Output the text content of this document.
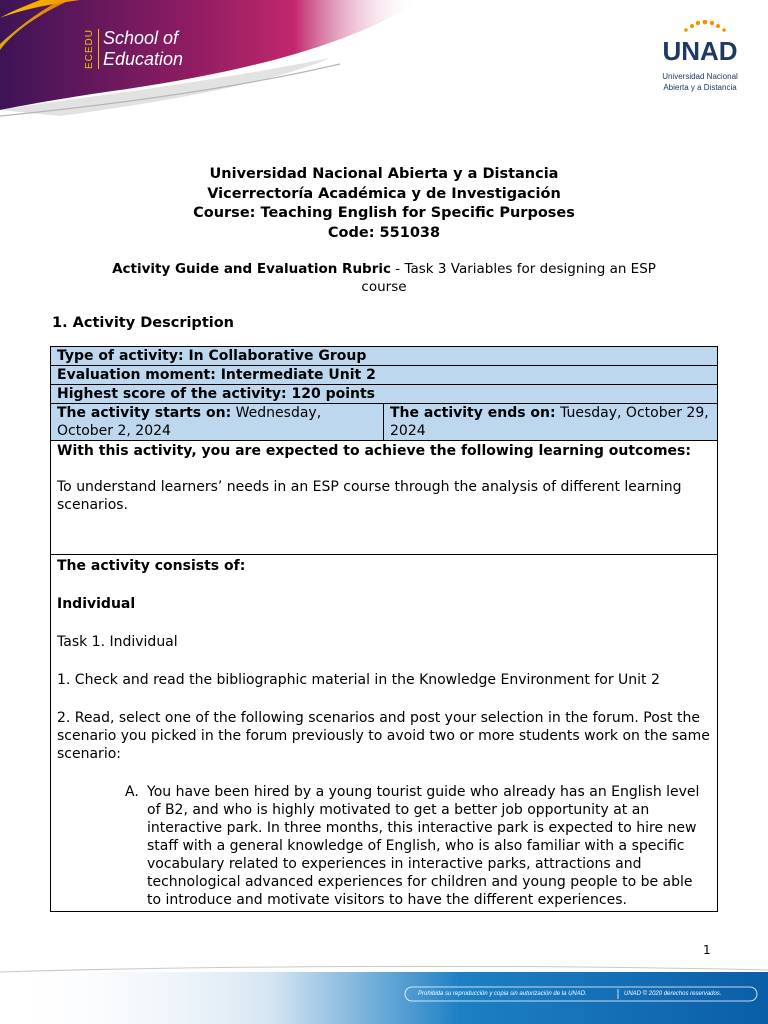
ECEDU School of
Education	UNAD
Universidad Nacional
Abierta y a Distancia
Universidad Nacional Abierta y a Distancia
Vicerrectoría Académica y de Investigación
Course: Teaching English for Specific Purposes
Code: 551038
Activity Guide and Evaluation Rubric - Task 3 Variables for designing an ESP
course
1. Activity Description
Type of activity: In Collaborative Group
Evaluation moment: Intermediate Unit 2
Highest score of the activity: 120 points
The activity starts on: Wednesday, October 2, 2024	The activity ends on: Tuesday, October 29, 2024

With this activity, you are expected to achieve the following learning outcomes:
To understand learners’ needs in an ESP course through the analysis of different learning scenarios.

The activity consists of:
Individual
Task 1. Individual
1. Check and read the bibliographic material in the Knowledge Environment for Unit 2
2. Read, select one of the following scenarios and post your selection in the forum. Post the scenario you picked in the forum previously to avoid two or more students work on the same scenario:
A. You have been hired by a young tourist guide who already has an English level of B2, and who is highly motivated to get a better job opportunity at an interactive park. In three months, this interactive park is expected to hire new staff with a general knowledge of English, who is also familiar with a specific vocabulary related to experiences in interactive parks, attractions and technological advanced experiences for children and young people to be able to introduce and motivate visitors to have the different experiences.
1
Prohibida su reproducción y copia sin autorización de la UNAD.	UNAD © 2020 derechos reservados.
